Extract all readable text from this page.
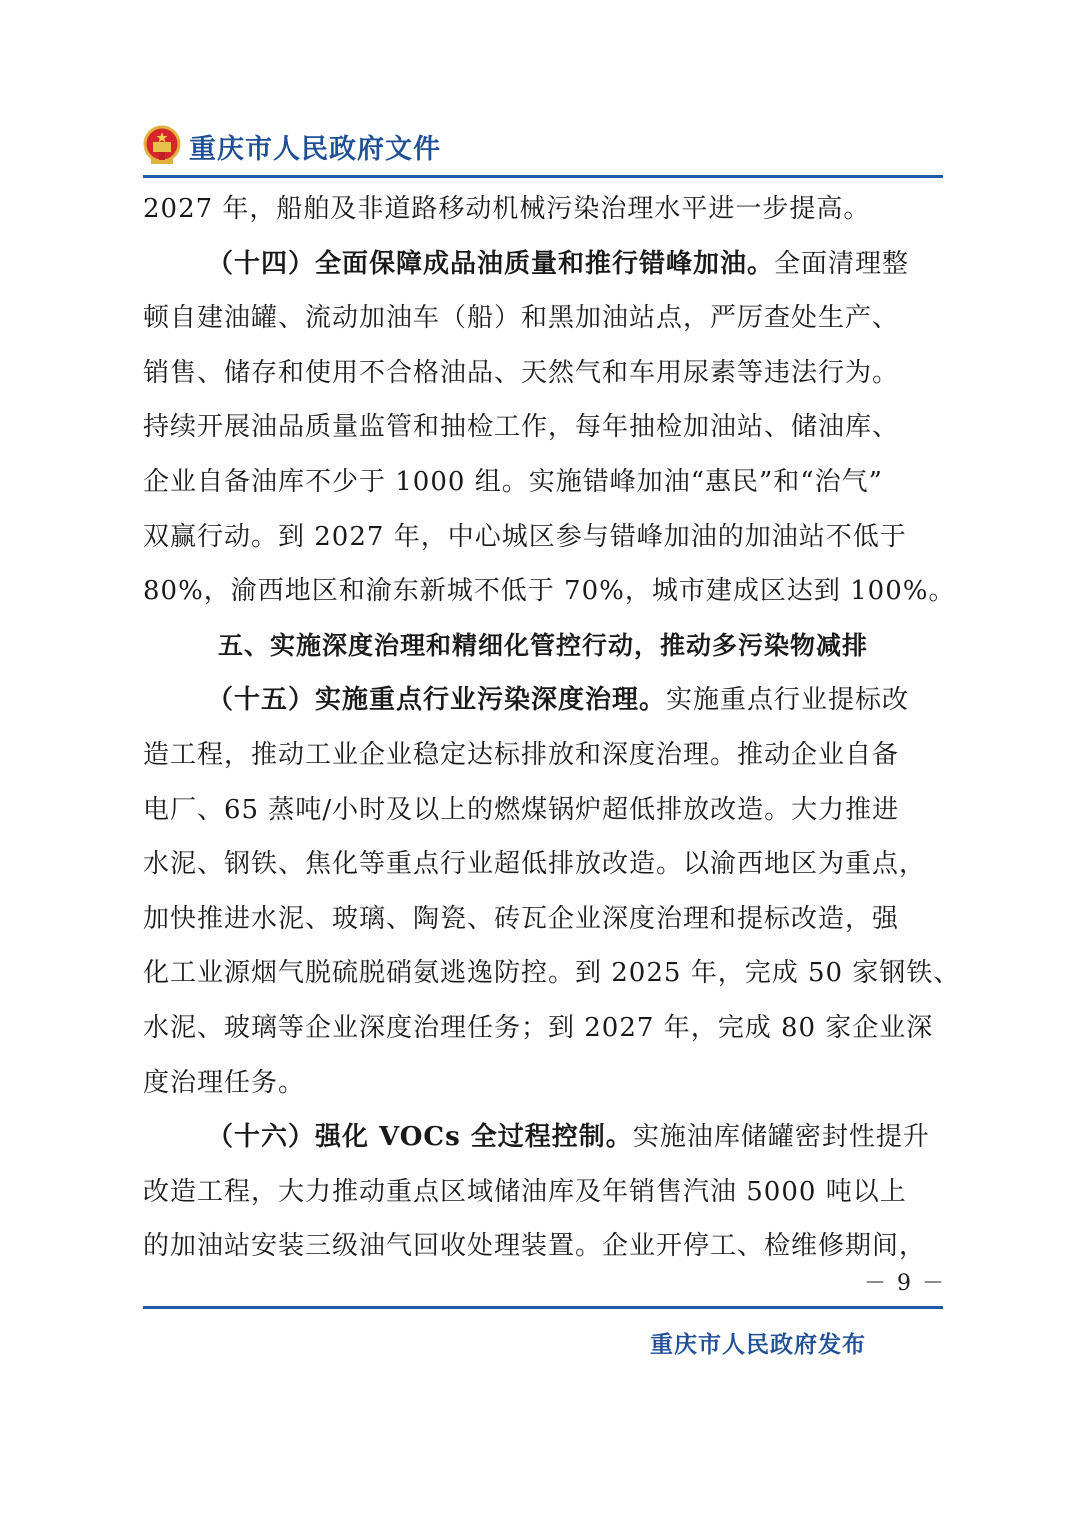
重庆市人民政府文件
2027 年，船舶及非道路移动机械污染治理水平进一步提高。
（十四）全面保障成品油质量和推行错峰加油。全面清理整
顿自建油罐、流动加油车（船）和黑加油站点，严厉查处生产、
销售、储存和使用不合格油品、天然气和车用尿素等违法行为。
持续开展油品质量监管和抽检工作，每年抽检加油站、储油库、
企业自备油库不少于 1000 组。实施错峰加油“惠民”和“治气”
双赢行动。到 2027 年，中心城区参与错峰加油的加油站不低于
80%，渝西地区和渝东新城不低于 70%，城市建成区达到 100%。
五、实施深度治理和精细化管控行动，推动多污染物减排
（十五）实施重点行业污染深度治理。实施重点行业提标改
造工程，推动工业企业稳定达标排放和深度治理。推动企业自备
电厂、65 蒸吨/小时及以上的燃煤锅炉超低排放改造。大力推进
水泥、钢铁、焦化等重点行业超低排放改造。以渝西地区为重点，
加快推进水泥、玻璃、陶瓷、砖瓦企业深度治理和提标改造，强
化工业源烟气脱硫脱硝氨逃逸防控。到 2025 年，完成 50 家钢铁、
水泥、玻璃等企业深度治理任务；到 2027 年，完成 80 家企业深
度治理任务。
（十六）强化 VOCs 全过程控制。实施油库储罐密封性提升
改造工程，大力推动重点区域储油库及年销售汽油 5000 吨以上
的加油站安装三级油气回收处理装置。企业开停工、检维修期间，
－ 9 －
重庆市人民政府发布
